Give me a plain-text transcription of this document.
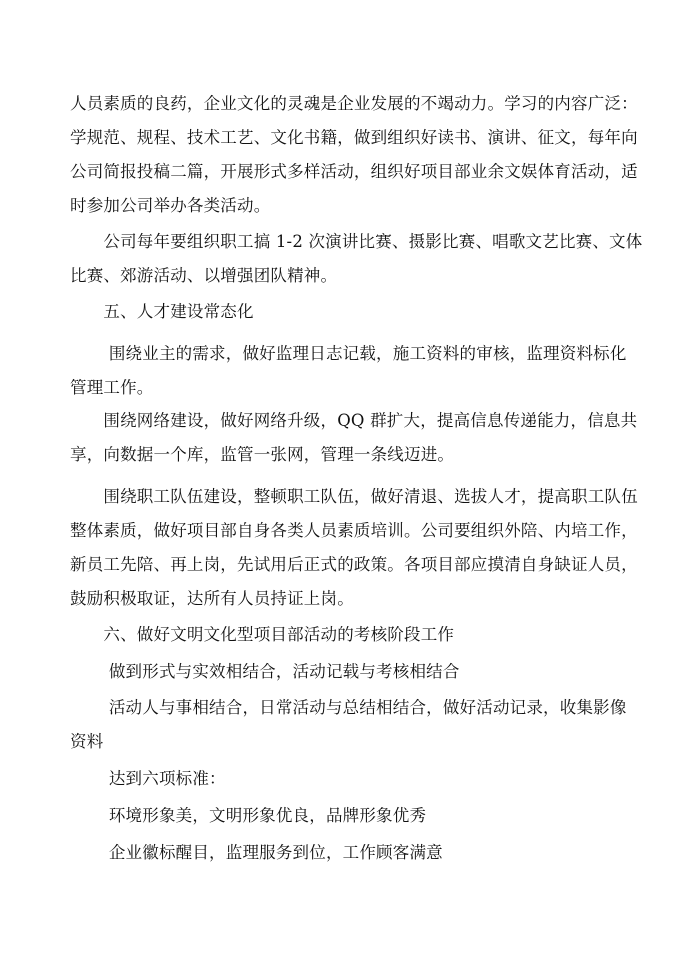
人员素质的良药，企业文化的灵魂是企业发展的不竭动力。学习的内容广泛：
学规范、规程、技术工艺、文化书籍，做到组织好读书、演讲、征文，每年向
公司简报投稿二篇，开展形式多样活动，组织好项目部业余文娱体育活动，适
时参加公司举办各类活动。
　　公司每年要组织职工搞 1-2 次演讲比赛、摄影比赛、唱歌文艺比赛、文体
比赛、郊游活动、以增强团队精神。
　　五、人才建设常态化
　　 围绕业主的需求，做好监理日志记载，施工资料的审核，监理资料标化
管理工作。
　　围绕网络建设，做好网络升级，QQ 群扩大，提高信息传递能力，信息共
享，向数据一个库，监管一张网，管理一条线迈进。
　　围绕职工队伍建设，整顿职工队伍，做好清退、选拔人才，提高职工队伍
整体素质，做好项目部自身各类人员素质培训。公司要组织外陪、内培工作，
新员工先陪、再上岗，先试用后正式的政策。各项目部应摸清自身缺证人员，
鼓励积极取证，达所有人员持证上岗。
　　六、做好文明文化型项目部活动的考核阶段工作
　　 做到形式与实效相结合，活动记载与考核相结合
　　 活动人与事相结合，日常活动与总结相结合，做好活动记录，收集影像
资料
　　 达到六项标准：
　　 环境形象美，文明形象优良，品牌形象优秀
　　 企业徽标醒目，监理服务到位，工作顾客满意
